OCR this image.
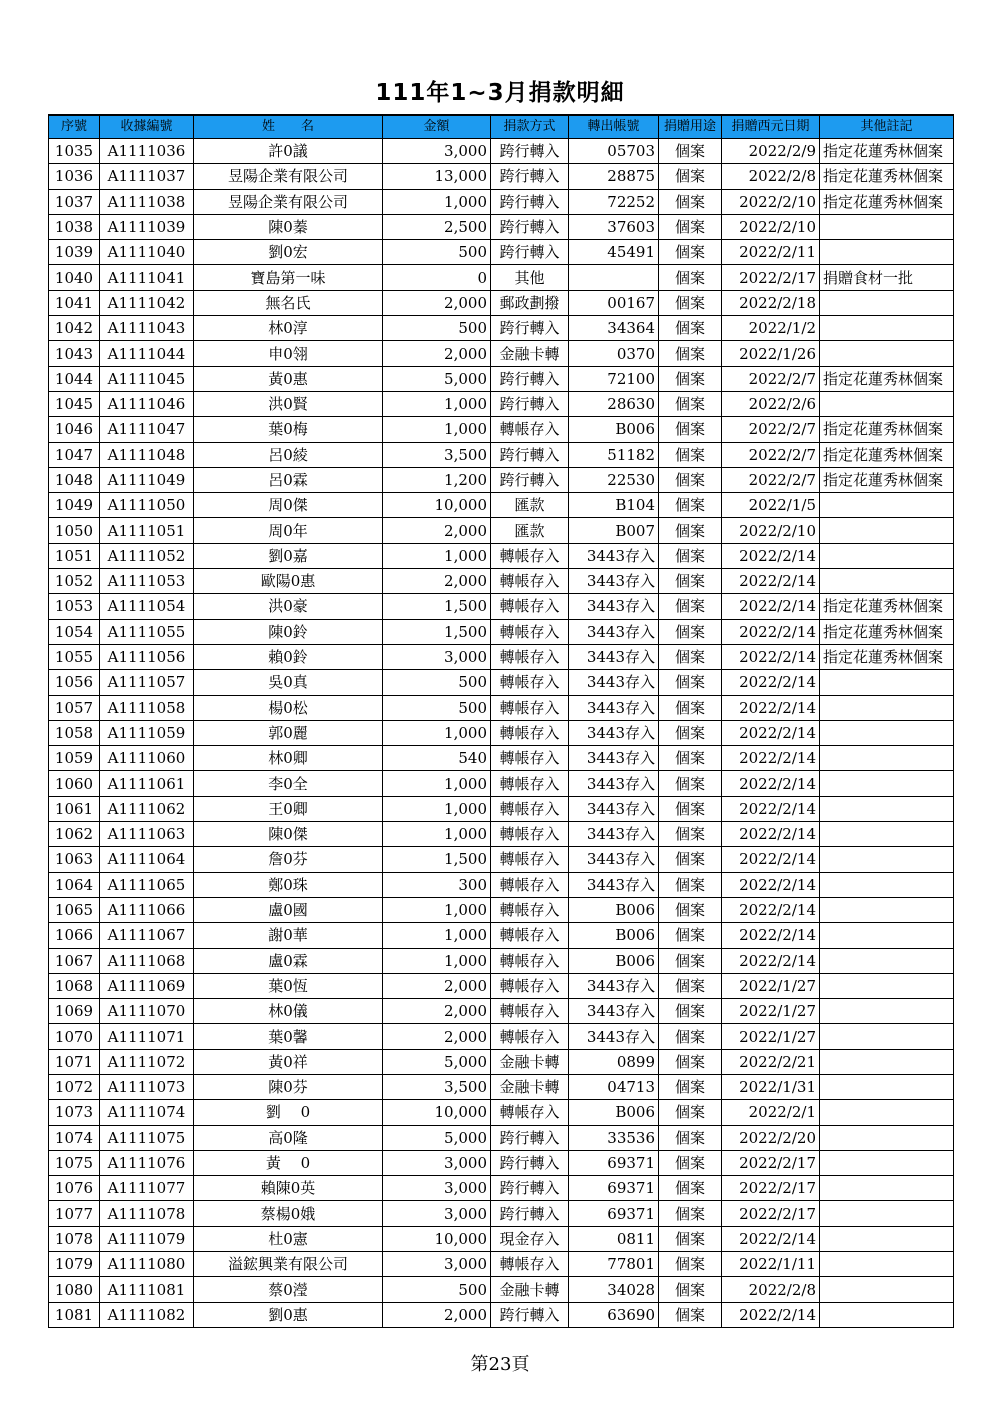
111年1~3月捐款明細
序號	收據編號	姓　　名	金額	捐款方式	轉出帳號	捐贈用途	捐贈西元日期	其他註記
1035	A1111036	許0議	3,000	跨行轉入	05703	個案	2022/2/9	指定花蓮秀林個案
1036	A1111037	昱陽企業有限公司	13,000	跨行轉入	28875	個案	2022/2/8	指定花蓮秀林個案
1037	A1111038	昱陽企業有限公司	1,000	跨行轉入	72252	個案	2022/2/10	指定花蓮秀林個案
1038	A1111039	陳0蓁	2,500	跨行轉入	37603	個案	2022/2/10	
1039	A1111040	劉0宏	500	跨行轉入	45491	個案	2022/2/11	
1040	A1111041	寶島第一味	0	其他		個案	2022/2/17	捐贈食材一批
1041	A1111042	無名氏	2,000	郵政劃撥	00167	個案	2022/2/18	
1042	A1111043	林0淳	500	跨行轉入	34364	個案	2022/1/2	
1043	A1111044	申0翎	2,000	金融卡轉	0370	個案	2022/1/26	
1044	A1111045	黃0惠	5,000	跨行轉入	72100	個案	2022/2/7	指定花蓮秀林個案
1045	A1111046	洪0賢	1,000	跨行轉入	28630	個案	2022/2/6	
1046	A1111047	葉0梅	1,000	轉帳存入	B006	個案	2022/2/7	指定花蓮秀林個案
1047	A1111048	呂0綾	3,500	跨行轉入	51182	個案	2022/2/7	指定花蓮秀林個案
1048	A1111049	呂0霖	1,200	跨行轉入	22530	個案	2022/2/7	指定花蓮秀林個案
1049	A1111050	周0傑	10,000	匯款	B104	個案	2022/1/5	
1050	A1111051	周0年	2,000	匯款	B007	個案	2022/2/10	
1051	A1111052	劉0嘉	1,000	轉帳存入	3443存入	個案	2022/2/14	
1052	A1111053	歐陽0惠	2,000	轉帳存入	3443存入	個案	2022/2/14	
1053	A1111054	洪0豪	1,500	轉帳存入	3443存入	個案	2022/2/14	指定花蓮秀林個案
1054	A1111055	陳0鈴	1,500	轉帳存入	3443存入	個案	2022/2/14	指定花蓮秀林個案
1055	A1111056	賴0鈴	3,000	轉帳存入	3443存入	個案	2022/2/14	指定花蓮秀林個案
1056	A1111057	吳0真	500	轉帳存入	3443存入	個案	2022/2/14	
1057	A1111058	楊0松	500	轉帳存入	3443存入	個案	2022/2/14	
1058	A1111059	郭0麗	1,000	轉帳存入	3443存入	個案	2022/2/14	
1059	A1111060	林0卿	540	轉帳存入	3443存入	個案	2022/2/14	
1060	A1111061	李0全	1,000	轉帳存入	3443存入	個案	2022/2/14	
1061	A1111062	王0卿	1,000	轉帳存入	3443存入	個案	2022/2/14	
1062	A1111063	陳0傑	1,000	轉帳存入	3443存入	個案	2022/2/14	
1063	A1111064	詹0芬	1,500	轉帳存入	3443存入	個案	2022/2/14	
1064	A1111065	鄭0珠	300	轉帳存入	3443存入	個案	2022/2/14	
1065	A1111066	盧0國	1,000	轉帳存入	B006	個案	2022/2/14	
1066	A1111067	謝0華	1,000	轉帳存入	B006	個案	2022/2/14	
1067	A1111068	盧0霖	1,000	轉帳存入	B006	個案	2022/2/14	
1068	A1111069	葉0恆	2,000	轉帳存入	3443存入	個案	2022/1/27	
1069	A1111070	林0儀	2,000	轉帳存入	3443存入	個案	2022/1/27	
1070	A1111071	葉0馨	2,000	轉帳存入	3443存入	個案	2022/1/27	
1071	A1111072	黃0祥	5,000	金融卡轉	0899	個案	2022/2/21	
1072	A1111073	陳0芬	3,500	金融卡轉	04713	個案	2022/1/31	
1073	A1111074	劉　 0	10,000	轉帳存入	B006	個案	2022/2/1	
1074	A1111075	高0隆	5,000	跨行轉入	33536	個案	2022/2/20	
1075	A1111076	黃　 0	3,000	跨行轉入	69371	個案	2022/2/17	
1076	A1111077	賴陳0英	3,000	跨行轉入	69371	個案	2022/2/17	
1077	A1111078	蔡楊0娥	3,000	跨行轉入	69371	個案	2022/2/17	
1078	A1111079	杜0憲	10,000	現金存入	0811	個案	2022/2/14	
1079	A1111080	溢鋐興業有限公司	3,000	轉帳存入	77801	個案	2022/1/11	
1080	A1111081	蔡0瀅	500	金融卡轉	34028	個案	2022/2/8	
1081	A1111082	劉0惠	2,000	跨行轉入	63690	個案	2022/2/14	
第23頁
